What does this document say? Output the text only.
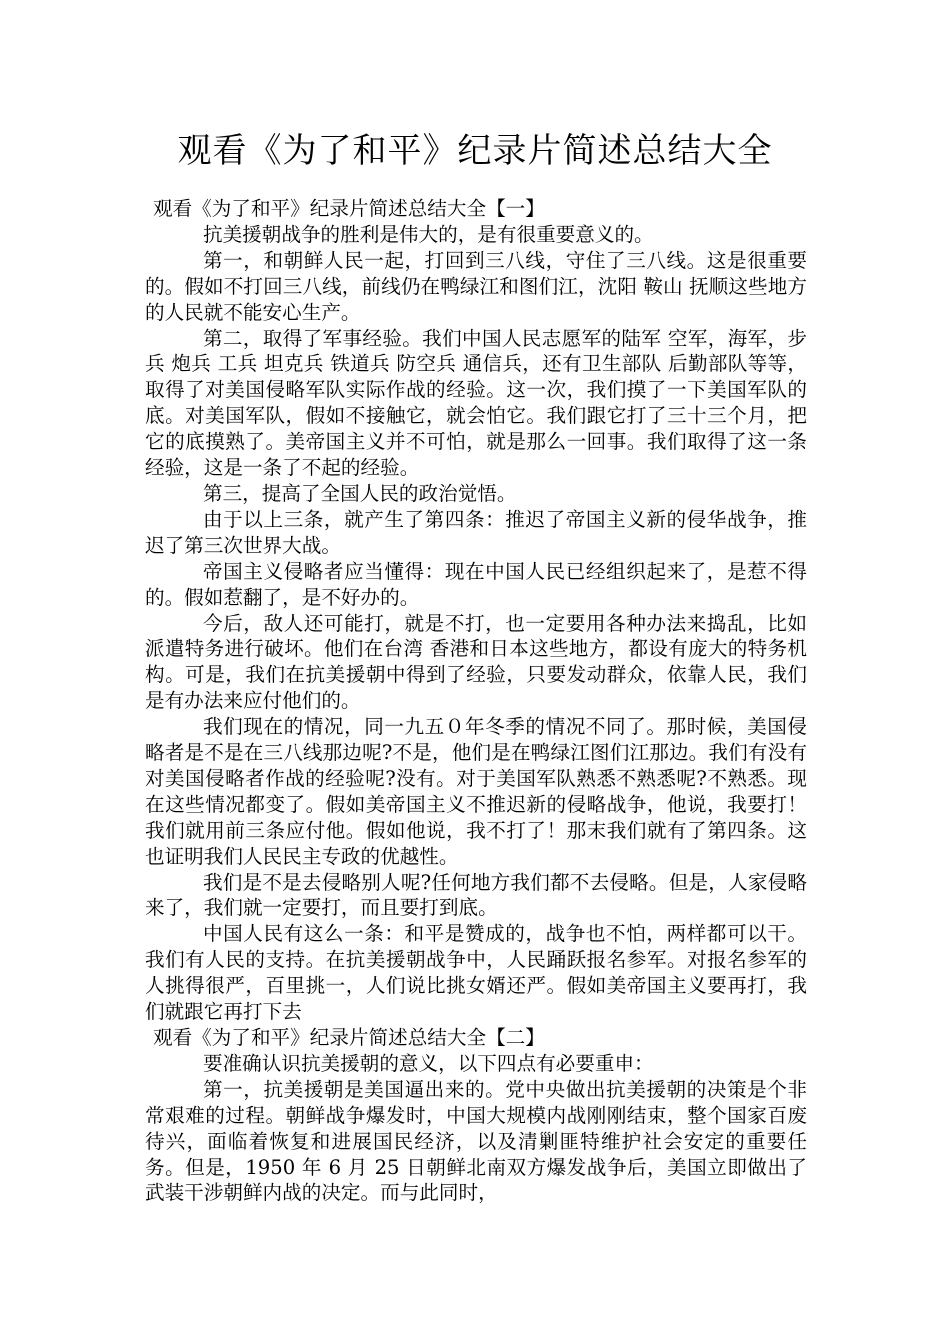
观看《为了和平》纪录片简述总结大全

观看《为了和平》纪录片简述总结大全【一】

抗美援朝战争的胜利是伟大的，是有很重要意义的。

第一，和朝鲜人民一起，打回到三八线，守住了三八线。这是很重要的。假如不打回三八线，前线仍在鸭绿江和图们江，沈阳 鞍山 抚顺这些地方的人民就不能安心生产。

第二，取得了军事经验。我们中国人民志愿军的陆军 空军，海军，步兵 炮兵 工兵 坦克兵 铁道兵 防空兵 通信兵，还有卫生部队 后勤部队等等，取得了对美国侵略军队实际作战的经验。这一次，我们摸了一下美国军队的底。对美国军队，假如不接触它，就会怕它。我们跟它打了三十三个月，把它的底摸熟了。美帝国主义并不可怕，就是那么一回事。我们取得了这一条经验，这是一条了不起的经验。

第三，提高了全国人民的政治觉悟。

由于以上三条，就产生了第四条：推迟了帝国主义新的侵华战争，推迟了第三次世界大战。

帝国主义侵略者应当懂得：现在中国人民已经组织起来了，是惹不得的。假如惹翻了，是不好办的。

今后，敌人还可能打，就是不打，也一定要用各种办法来捣乱，比如派遣特务进行破坏。他们在台湾 香港和日本这些地方，都设有庞大的特务机构。可是，我们在抗美援朝中得到了经验，只要发动群众，依靠人民，我们是有办法来应付他们的。

我们现在的情况，同一九五０年冬季的情况不同了。那时候，美国侵略者是不是在三八线那边呢?不是，他们是在鸭绿江图们江那边。我们有没有对美国侵略者作战的经验呢?没有。对于美国军队熟悉不熟悉呢?不熟悉。现在这些情况都变了。假如美帝国主义不推迟新的侵略战争，他说，我要打！我们就用前三条应付他。假如他说，我不打了！那末我们就有了第四条。这也证明我们人民民主专政的优越性。

我们是不是去侵略别人呢?任何地方我们都不去侵略。但是，人家侵略来了，我们就一定要打，而且要打到底。

中国人民有这么一条：和平是赞成的，战争也不怕，两样都可以干。我们有人民的支持。在抗美援朝战争中，人民踊跃报名参军。对报名参军的人挑得很严，百里挑一，人们说比挑女婿还严。假如美帝国主义要再打，我们就跟它再打下去

观看《为了和平》纪录片简述总结大全【二】

要准确认识抗美援朝的意义，以下四点有必要重申：

第一，抗美援朝是美国逼出来的。党中央做出抗美援朝的决策是个非常艰难的过程。朝鲜战争爆发时，中国大规模内战刚刚结束，整个国家百废待兴，面临着恢复和进展国民经济，以及清剿匪特维护社会安定的重要任务。但是，1950 年 6 月 25 日朝鲜北南双方爆发战争后，美国立即做出了武装干涉朝鲜内战的决定。而与此同时，
